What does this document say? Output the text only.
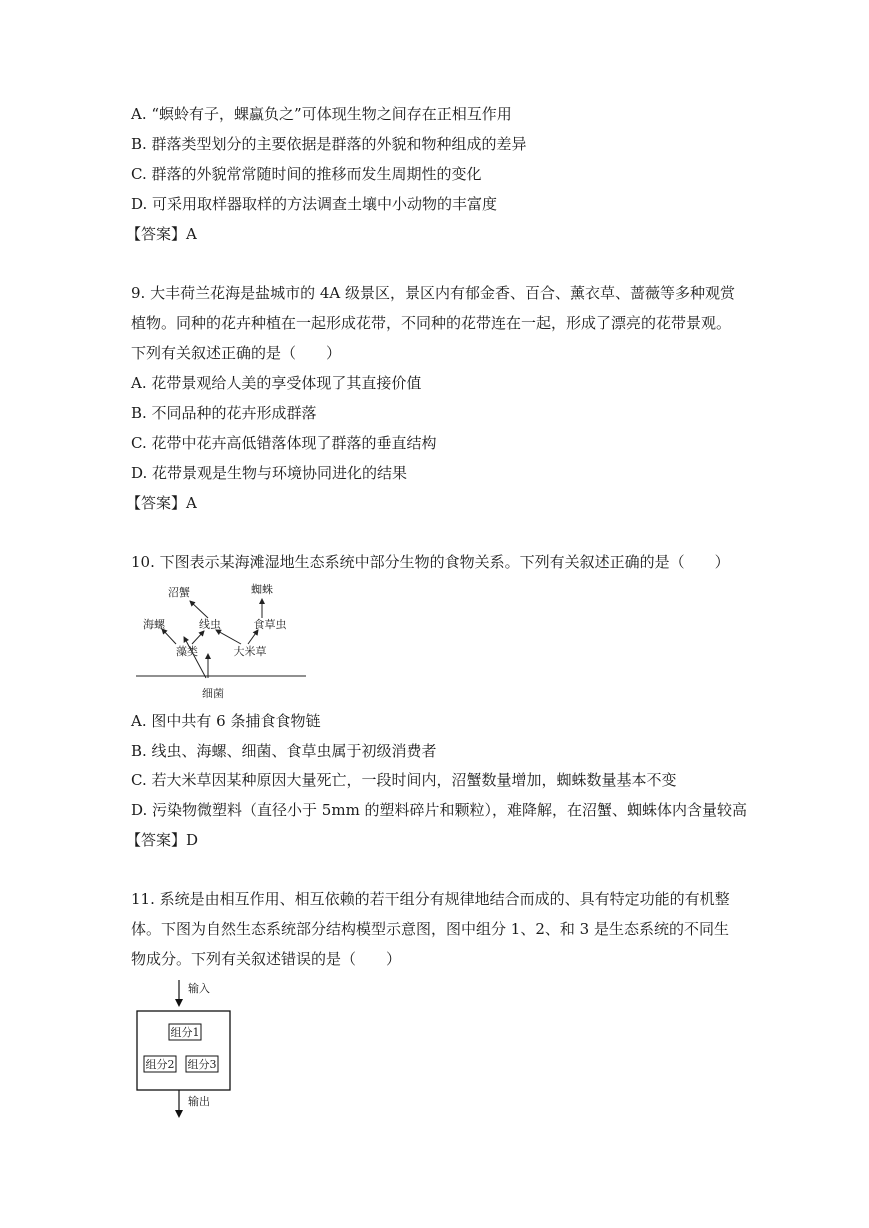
A. “螟蛉有子，蜾蠃负之”可体现生物之间存在正相互作用
B. 群落类型划分的主要依据是群落的外貌和物种组成的差异
C. 群落的外貌常常随时间的推移而发生周期性的变化
D. 可采用取样器取样的方法调查土壤中小动物的丰富度
【答案】A
9. 大丰荷兰花海是盐城市的 4A 级景区，景区内有郁金香、百合、薰衣草、蔷薇等多种观赏
植物。同种的花卉种植在一起形成花带，不同种的花带连在一起，形成了漂亮的花带景观。
下列有关叙述正确的是（　　）
A. 花带景观给人美的享受体现了其直接价值
B. 不同品种的花卉形成群落
C. 花带中花卉高低错落体现了群落的垂直结构
D. 花带景观是生物与环境协同进化的结果
【答案】A
10. 下图表示某海滩湿地生态系统中部分生物的食物关系。下列有关叙述正确的是（　　）
沼蟹	蜘蛛
海螺	线虫	食草虫
藻类	大米草
细菌
A. 图中共有 6 条捕食食物链
B. 线虫、海螺、细菌、食草虫属于初级消费者
C. 若大米草因某种原因大量死亡，一段时间内，沼蟹数量增加，蜘蛛数量基本不变
D. 污染物微塑料（直径小于 5mm 的塑料碎片和颗粒），难降解，在沼蟹、蜘蛛体内含量较高
【答案】D
11. 系统是由相互作用、相互依赖的若干组分有规律地结合而成的、具有特定功能的有机整
体。下图为自然生态系统部分结构模型示意图，图中组分 1、2、和 3 是生态系统的不同生
物成分。下列有关叙述错误的是（　　）
输入
组分1
组分2 组分3
输出
